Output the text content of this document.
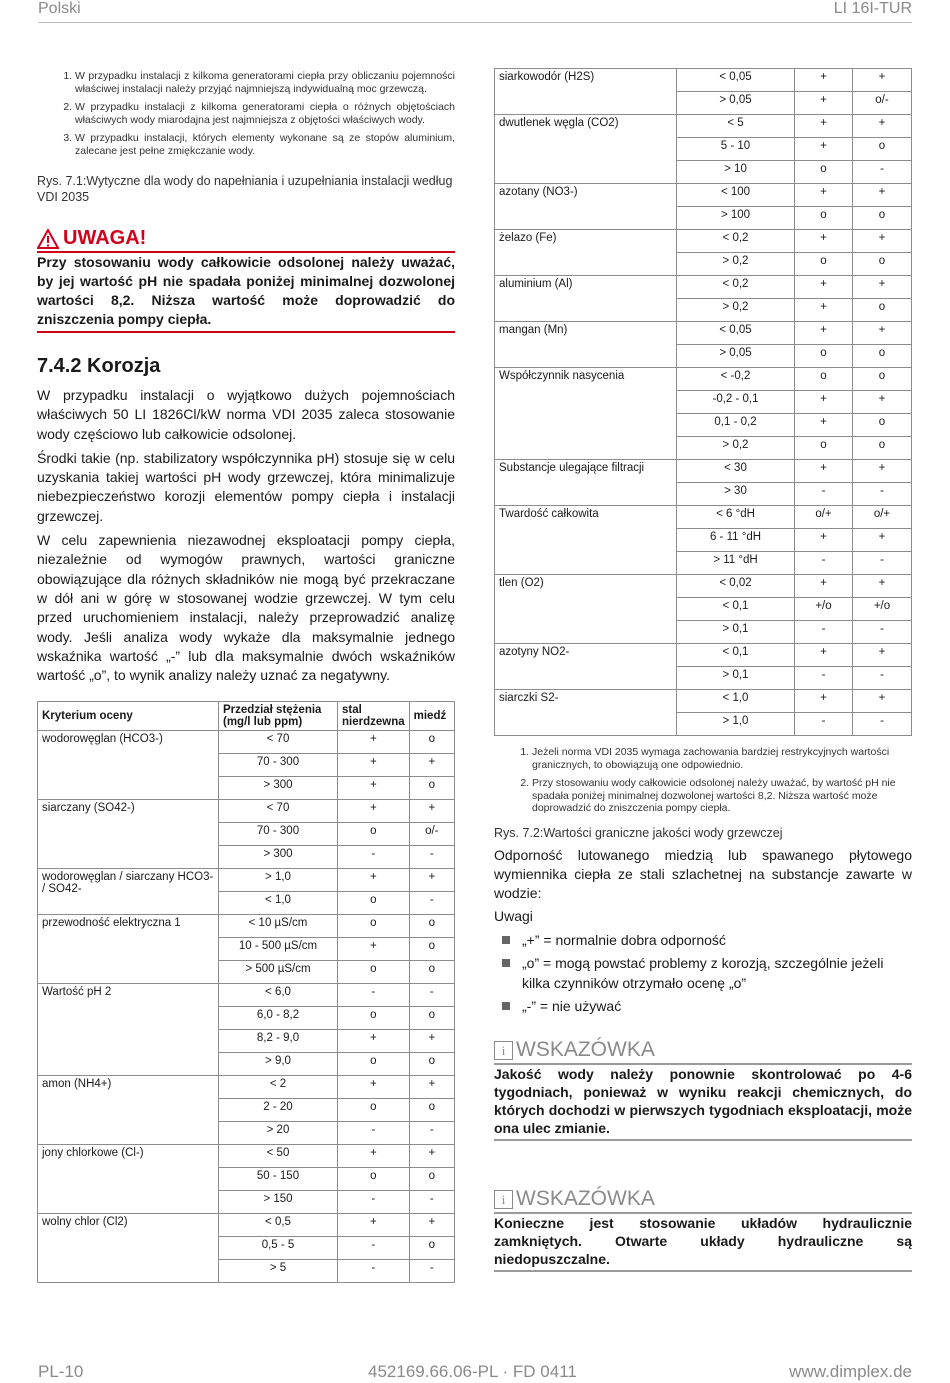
Polski	LI 16I-TUR
1. W przypadku instalacji z kilkoma generatorami ciepła przy obliczaniu pojemności właściwej instalacji należy przyjąć najmniejszą indywidualną moc grzewczą.
2. W przypadku instalacji z kilkoma generatorami ciepła o różnych objętościach właściwych wody miarodajna jest najmniejsza z objętości właściwych wody.
3. W przypadku instalacji, których elementy wykonane są ze stopów aluminium, zalecane jest pełne zmiękczanie wody.
Rys. 7.1:Wytyczne dla wody do napełniania i uzupełniania instalacji według VDI 2035
UWAGA!
Przy stosowaniu wody całkowicie odsolonej należy uważać, by jej wartość pH nie spadała poniżej minimalnej dozwolonej wartości 8,2. Niższa wartość może doprowadzić do zniszczenia pompy ciepła.
7.4.2 Korozja

W przypadku instalacji o wyjątkowo dużych pojemnościach właściwych 50 LI 1826Cl/kW norma VDI 2035 zaleca stosowanie wody częściowo lub całkowicie odsolonej.

Środki takie (np. stabilizatory współczynnika pH) stosuje się w celu uzyskania takiej wartości pH wody grzewczej, która minimalizuje niebezpieczeństwo korozji elementów pompy ciepła i instalacji grzewczej.

W celu zapewnienia niezawodnej eksploatacji pompy ciepła, niezależnie od wymogów prawnych, wartości graniczne obowiązujące dla różnych składników nie mogą być przekraczane w dół ani w górę w stosowanej wodzie grzewczej. W tym celu przed uruchomieniem instalacji, należy przeprowadzić analizę wody. Jeśli analiza wody wykaże dla maksymalnie jednego wskaźnika wartość „-” lub dla maksymalnie dwóch wskaźników wartość „o”, to wynik analizy należy uznać za negatywny.

Kryterium oceny	Przedział stężenia (mg/l lub ppm)	stal nierdzewna	miedź
wodorowęglan (HCO3-)	< 70	+	o
	70 - 300	+	+
	> 300	+	o
siarczany (SO42-)	< 70	+	+
	70 - 300	o	o/-
	> 300	-	-
wodorowęglan / siarczany HCO3- / SO42-	> 1,0	+	+
	< 1,0	o	-
przewodność elektryczna 1	< 10 µS/cm	o	o
	10 - 500 µS/cm	+	o
	> 500 µS/cm	o	o
Wartość pH 2	< 6,0	-	-
	6,0 - 8,2	o	o
	8,2 - 9,0	+	+
	> 9,0	o	o
amon (NH4+)	< 2	+	+
	2 - 20	o	o
	> 20	-	-
jony chlorkowe (Cl-)	< 50	+	+
	50 - 150	o	o
	> 150	-	-
wolny chlor (Cl2)	< 0,5	+	+
	0,5 - 5	-	o
	> 5	-	-
siarkowodór (H2S)	< 0,05	+	+
	> 0,05	+	o/-
dwutlenek węgla (CO2)	< 5	+	+
	5 - 10	+	o
	> 10	o	-
azotany (NO3-)	< 100	+	+
	> 100	o	o
żelazo (Fe)	< 0,2	+	+
	> 0,2	o	o
aluminium (Al)	< 0,2	+	+
	> 0,2	+	o
mangan (Mn)	< 0,05	+	+
	> 0,05	o	o
Współczynnik nasycenia	< -0,2	o	o
	-0,2 - 0,1	+	+
	0,1 - 0,2	+	o
	> 0,2	o	o
Substancje ulegające filtracji	< 30	+	+
	> 30	-	-
Twardość całkowita	< 6 °dH	o/+	o/+
	6 - 11 °dH	+	+
	> 11 °dH	-	-
tlen (O2)	< 0,02	+	+
	< 0,1	+/o	+/o
	> 0,1	-	-
azotyny NO2-	< 0,1	+	+
	> 0,1	-	-
siarczki S2-	< 1,0	+	+
	> 1,0	-	-
1. Jeżeli norma VDI 2035 wymaga zachowania bardziej restrykcyjnych wartości granicznych, to obowiązują one odpowiednio.
2. Przy stosowaniu wody całkowicie odsolonej należy uważać, by wartość pH nie spadała poniżej minimalnej dozwolonej wartości 8,2. Niższa wartość może doprowadzić do zniszczenia pompy ciepła.
Rys. 7.2:Wartości graniczne jakości wody grzewczej

Odporność lutowanego miedzią lub spawanego płytowego wymiennika ciepła ze stali szlachetnej na substancje zawarte w wodzie:

Uwagi
„+” = normalnie dobra odporność
„o” = mogą powstać problemy z korozją, szczególnie jeżeli kilka czynników otrzymało ocenę „o”
„-” = nie używać
i WSKAZÓWKA
Jakość wody należy ponownie skontrolować po 4-6 tygodniach, ponieważ w wyniku reakcji chemicznych, do których dochodzi w pierwszych tygodniach eksploatacji, może ona ulec zmianie.
i WSKAZÓWKA
Konieczne jest stosowanie układów hydraulicznie zamkniętych. Otwarte układy hydrauliczne są niedopuszczalne.
PL-10	452169.66.06-PL · FD 0411	www.dimplex.de
